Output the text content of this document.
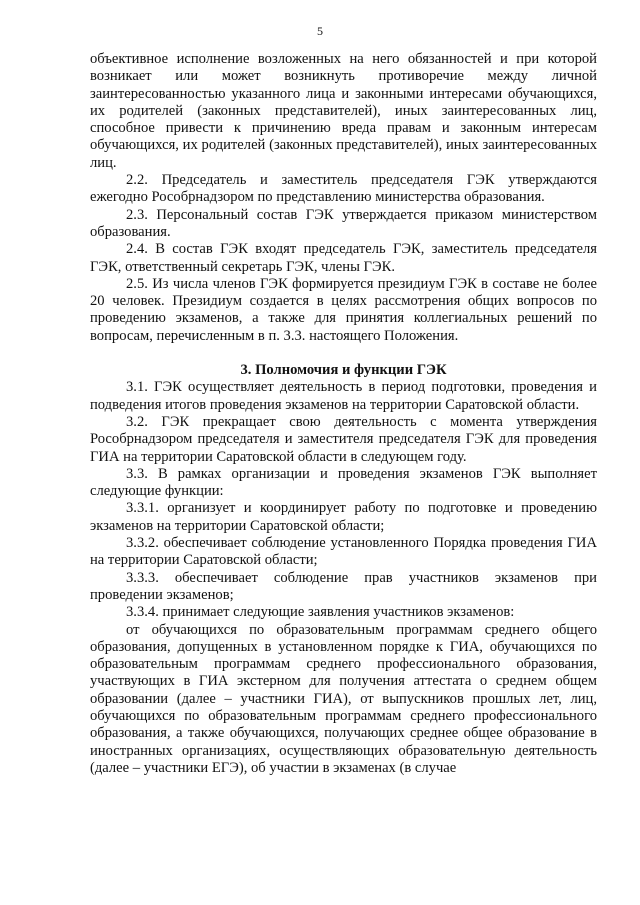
5

объективное исполнение возложенных на него обязанностей и при которой возникает или может возникнуть противоречие между личной заинтересованностью указанного лица и законными интересами обучающихся, их родителей (законных представителей), иных заинтересованных лиц, способное привести к причинению вреда правам и законным интересам обучающихся, их родителей (законных представителей), иных заинтересованных лиц.

2.2. Председатель и заместитель председателя ГЭК утверждаются ежегодно Рособрнадзором по представлению министерства образования.

2.3. Персональный состав ГЭК утверждается приказом министерством образования.

2.4. В состав ГЭК входят председатель ГЭК, заместитель председателя ГЭК, ответственный секретарь ГЭК, члены ГЭК.

2.5. Из числа членов ГЭК формируется президиум ГЭК в составе не более 20 человек. Президиум создается в целях рассмотрения общих вопросов по проведению экзаменов, а также для принятия коллегиальных решений по вопросам, перечисленным в п. 3.3. настоящего Положения.

3. Полномочия и функции ГЭК

3.1. ГЭК осуществляет деятельность в период подготовки, проведения и подведения итогов проведения экзаменов на территории Саратовской области.

3.2. ГЭК прекращает свою деятельность с момента утверждения Рособрнадзором председателя и заместителя председателя ГЭК для проведения ГИА на территории Саратовской области в следующем году.

3.3. В рамках организации и проведения экзаменов ГЭК выполняет следующие функции:

3.3.1. организует и координирует работу по подготовке и проведению экзаменов на территории Саратовской области;

3.3.2. обеспечивает соблюдение установленного Порядка проведения ГИА на территории Саратовской области;

3.3.3. обеспечивает соблюдение прав участников экзаменов при проведении экзаменов;

3.3.4. принимает следующие заявления участников экзаменов:

от обучающихся по образовательным программам среднего общего образования, допущенных в установленном порядке к ГИА, обучающихся по образовательным программам среднего профессионального образования, участвующих в ГИА экстерном для получения аттестата о среднем общем образовании (далее – участники ГИА), от выпускников прошлых лет, лиц, обучающихся по образовательным программам среднего профессионального образования, а также обучающихся, получающих среднее общее образование в иностранных организациях, осуществляющих образовательную деятельность (далее – участники ЕГЭ), об участии в экзаменах (в случае
